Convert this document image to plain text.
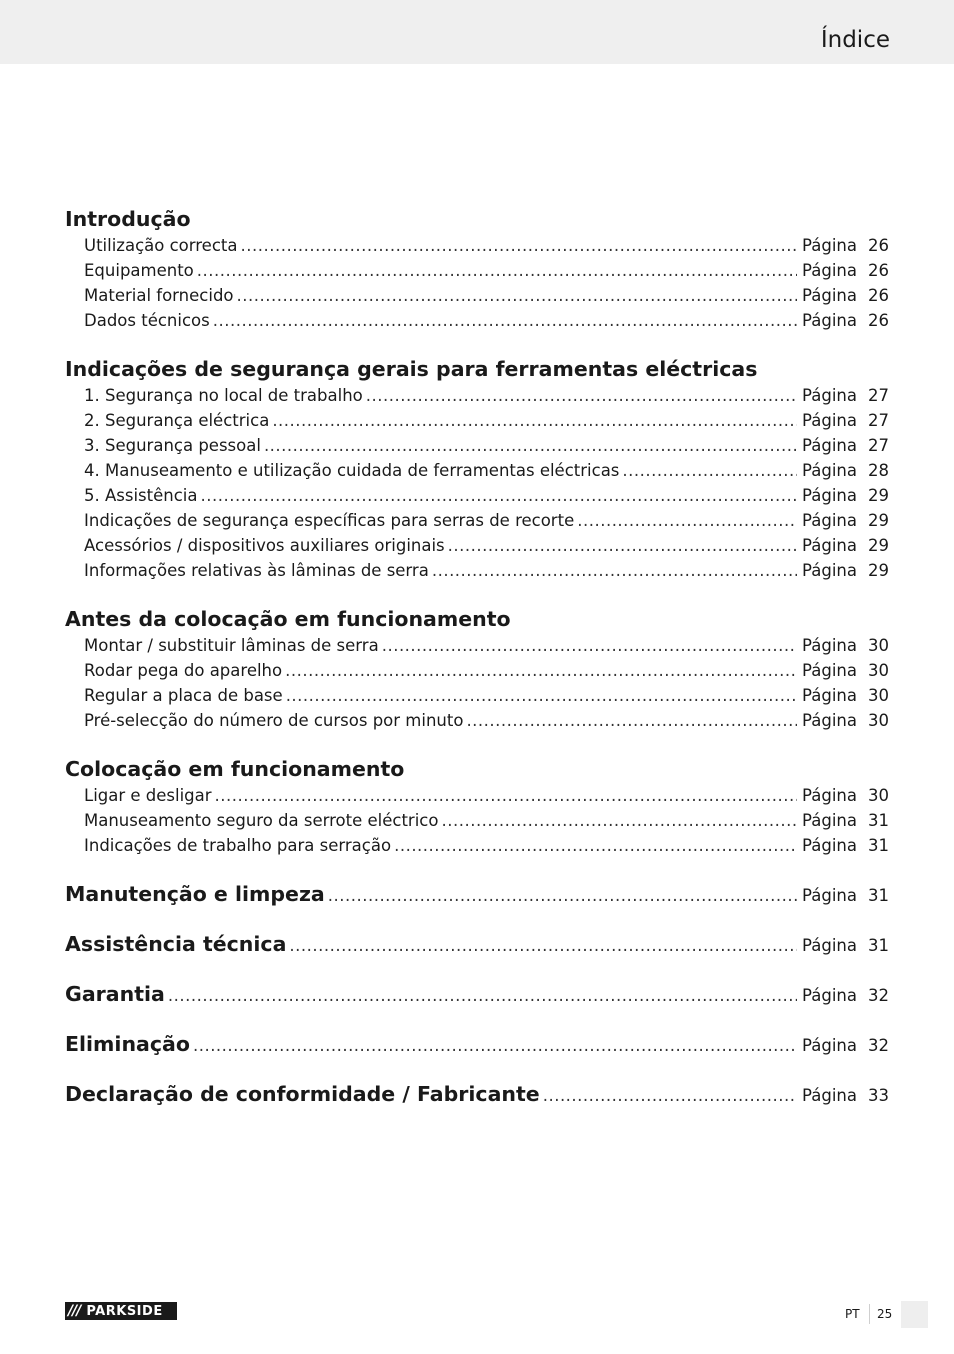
Índice
Introdução
Utilização correcta .....	Página 26
Equipamento .....	Página 26
Material fornecido .....	Página 26
Dados técnicos .....	Página 26
Indicações de segurança gerais para ferramentas eléctricas
1. Segurança no local de trabalho .....	Página 27
2. Segurança eléctrica .....	Página 27
3. Segurança pessoal .....	Página 27
4. Manuseamento e utilização cuidada de ferramentas eléctricas .....	Página 28
5. Assistência .....	Página 29
Indicações de segurança específicas para serras de recorte .....	Página 29
Acessórios / dispositivos auxiliares originais .....	Página 29
Informações relativas às lâminas de serra .....	Página 29
Antes da colocação em funcionamento
Montar / substituir lâminas de serra .....	Página 30
Rodar pega do aparelho .....	Página 30
Regular a placa de base .....	Página 30
Pré-selecção do número de cursos por minuto .....	Página 30
Colocação em funcionamento
Ligar e desligar .....	Página 30
Manuseamento seguro da serrote eléctrico .....	Página 31
Indicações de trabalho para serração .....	Página 31
Manutenção e limpeza .....	Página 31
Assistência técnica .....	Página 31
Garantia .....	Página 32
Eliminação .....	Página 32
Declaração de conformidade / Fabricante .....	Página 33
/// PARKSIDE	PT 25
